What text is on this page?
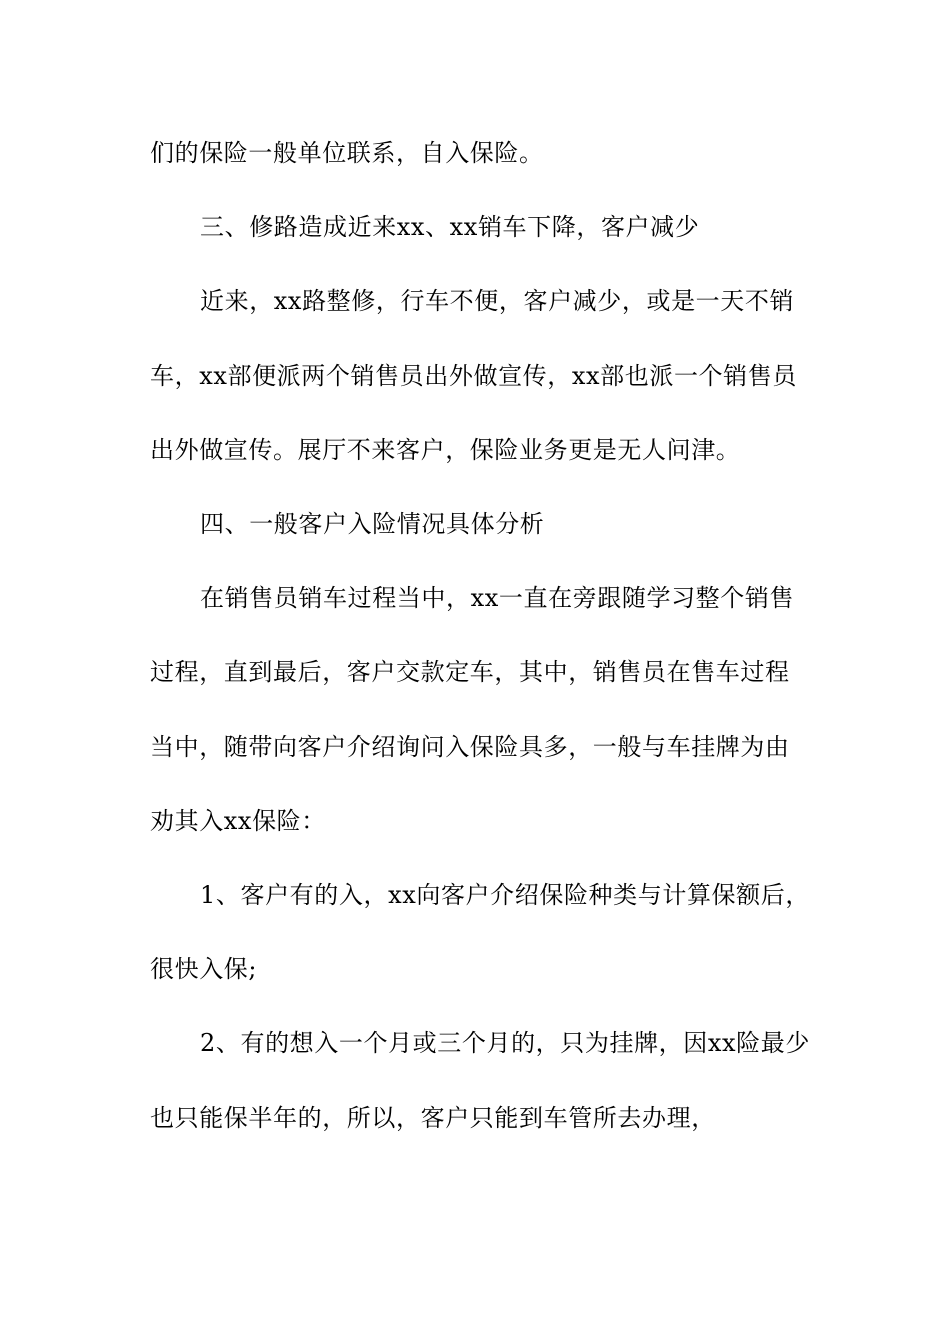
们的保险一般单位联系，自入保险。

三、修路造成近来xx、xx销车下降，客户减少

近来，xx路整修，行车不便，客户减少，或是一天不销车，xx部便派两个销售员出外做宣传，xx部也派一个销售员出外做宣传。展厅不来客户，保险业务更是无人问津。

四、一般客户入险情况具体分析

在销售员销车过程当中，xx一直在旁跟随学习整个销售过程，直到最后，客户交款定车，其中，销售员在售车过程当中，随带向客户介绍询问入保险具多，一般与车挂牌为由劝其入xx保险：

1、客户有的入，xx向客户介绍保险种类与计算保额后，很快入保;

2、有的想入一个月或三个月的，只为挂牌，因xx险最少也只能保半年的，所以，客户只能到车管所去办理，
